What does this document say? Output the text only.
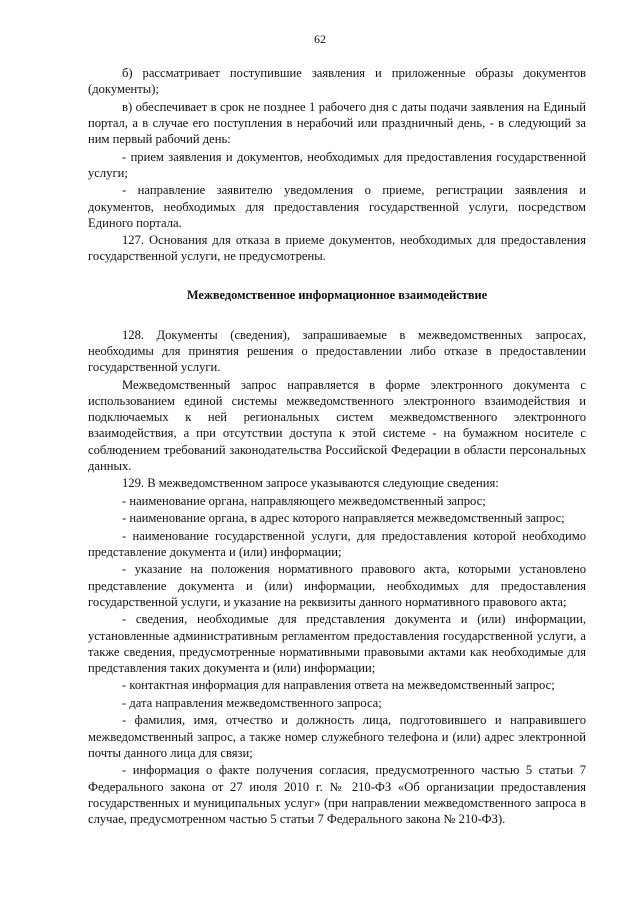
62

б) рассматривает поступившие заявления и приложенные образы документов (документы);

в) обеспечивает в срок не позднее 1 рабочего дня с даты подачи заявления на Единый портал, а в случае его поступления в нерабочий или праздничный день, - в следующий за ним первый рабочий день:

- прием заявления и документов, необходимых для предоставления государственной услуги;

- направление заявителю уведомления о приеме, регистрации заявления и документов, необходимых для предоставления государственной услуги, посредством Единого портала.

127. Основания для отказа в приеме документов, необходимых для предоставления государственной услуги, не предусмотрены.

Межведомственное информационное взаимодействие

128. Документы (сведения), запрашиваемые в межведомственных запросах, необходимы для принятия решения о предоставлении либо отказе в предоставлении государственной услуги.

Межведомственный запрос направляется в форме электронного документа с использованием единой системы межведомственного электронного взаимодействия и подключаемых к ней региональных систем межведомственного электронного взаимодействия, а при отсутствии доступа к этой системе - на бумажном носителе с соблюдением требований законодательства Российской Федерации в области персональных данных.

129. В межведомственном запросе указываются следующие сведения:

- наименование органа, направляющего межведомственный запрос;

- наименование органа, в адрес которого направляется межведомственный запрос;

- наименование государственной услуги, для предоставления которой необходимо представление документа и (или) информации;

- указание на положения нормативного правового акта, которыми установлено представление документа и (или) информации, необходимых для предоставления государственной услуги, и указание на реквизиты данного нормативного правового акта;

- сведения, необходимые для представления документа и (или) информации, установленные административным регламентом предоставления государственной услуги, а также сведения, предусмотренные нормативными правовыми актами как необходимые для представления таких документа и (или) информации;

- контактная информация для направления ответа на межведомственный запрос;

- дата направления межведомственного запроса;

- фамилия, имя, отчество и должность лица, подготовившего и направившего межведомственный запрос, а также номер служебного телефона и (или) адрес электронной почты данного лица для связи;

- информация о факте получения согласия, предусмотренного частью 5 статьи 7 Федерального закона от 27 июля 2010 г. № 210-ФЗ «Об организации предоставления государственных и муниципальных услуг» (при направлении межведомственного запроса в случае, предусмотренном частью 5 статьи 7 Федерального закона № 210-ФЗ).
